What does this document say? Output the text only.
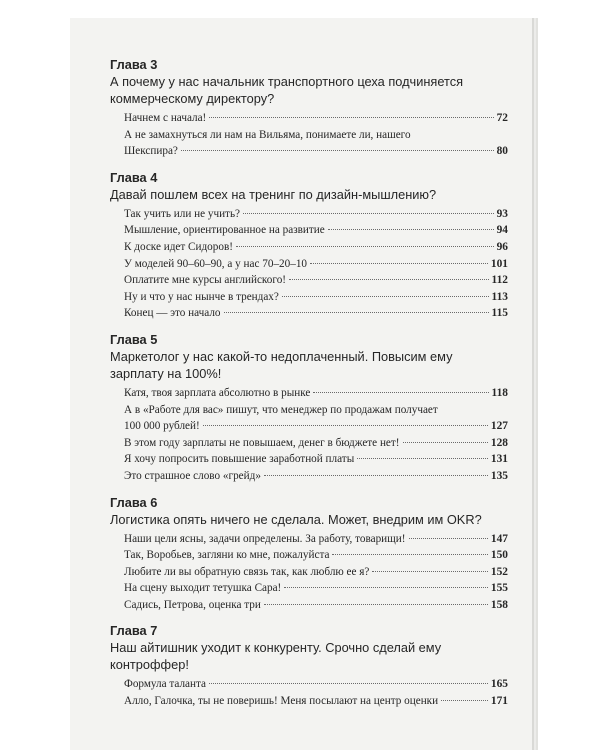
Глава 3
А почему у нас начальник транспортного цеха подчиняется коммерческому директору?
Начнем с начала!	72
А не замахнуться ли нам на Вильяма, понимаете ли, нашего
Шекспира?	80
Глава 4
Давай пошлем всех на тренинг по дизайн-мышлению?
Так учить или не учить?	93
Мышление, ориентированное на развитие	94
К доске идет Сидоров!	96
У моделей 90–60–90, а у нас 70–20–10	101
Оплатите мне курсы английского!	112
Ну и что у нас нынче в трендах?	113
Конец — это начало	115
Глава 5
Маркетолог у нас какой-то недоплаченный. Повысим ему зарплату на 100%!
Катя, твоя зарплата абсолютно в рынке	118
А в «Работе для вас» пишут, что менеджер по продажам получает
100 000 рублей!	127
В этом году зарплаты не повышаем, денег в бюджете нет!	128
Я хочу попросить повышение заработной платы	131
Это страшное слово «грейд»	135
Глава 6
Логистика опять ничего не сделала. Может, внедрим им OKR?
Наши цели ясны, задачи определены. За работу, товарищи!	147
Так, Воробьев, загляни ко мне, пожалуйста	150
Любите ли вы обратную связь так, как люблю ее я?	152
На сцену выходит тетушка Сара!	155
Садись, Петрова, оценка три	158
Глава 7
Наш айтишник уходит к конкуренту. Срочно сделай ему контроффер!
Формула таланта	165
Алло, Галочка, ты не поверишь! Меня посылают на центр оценки	171
